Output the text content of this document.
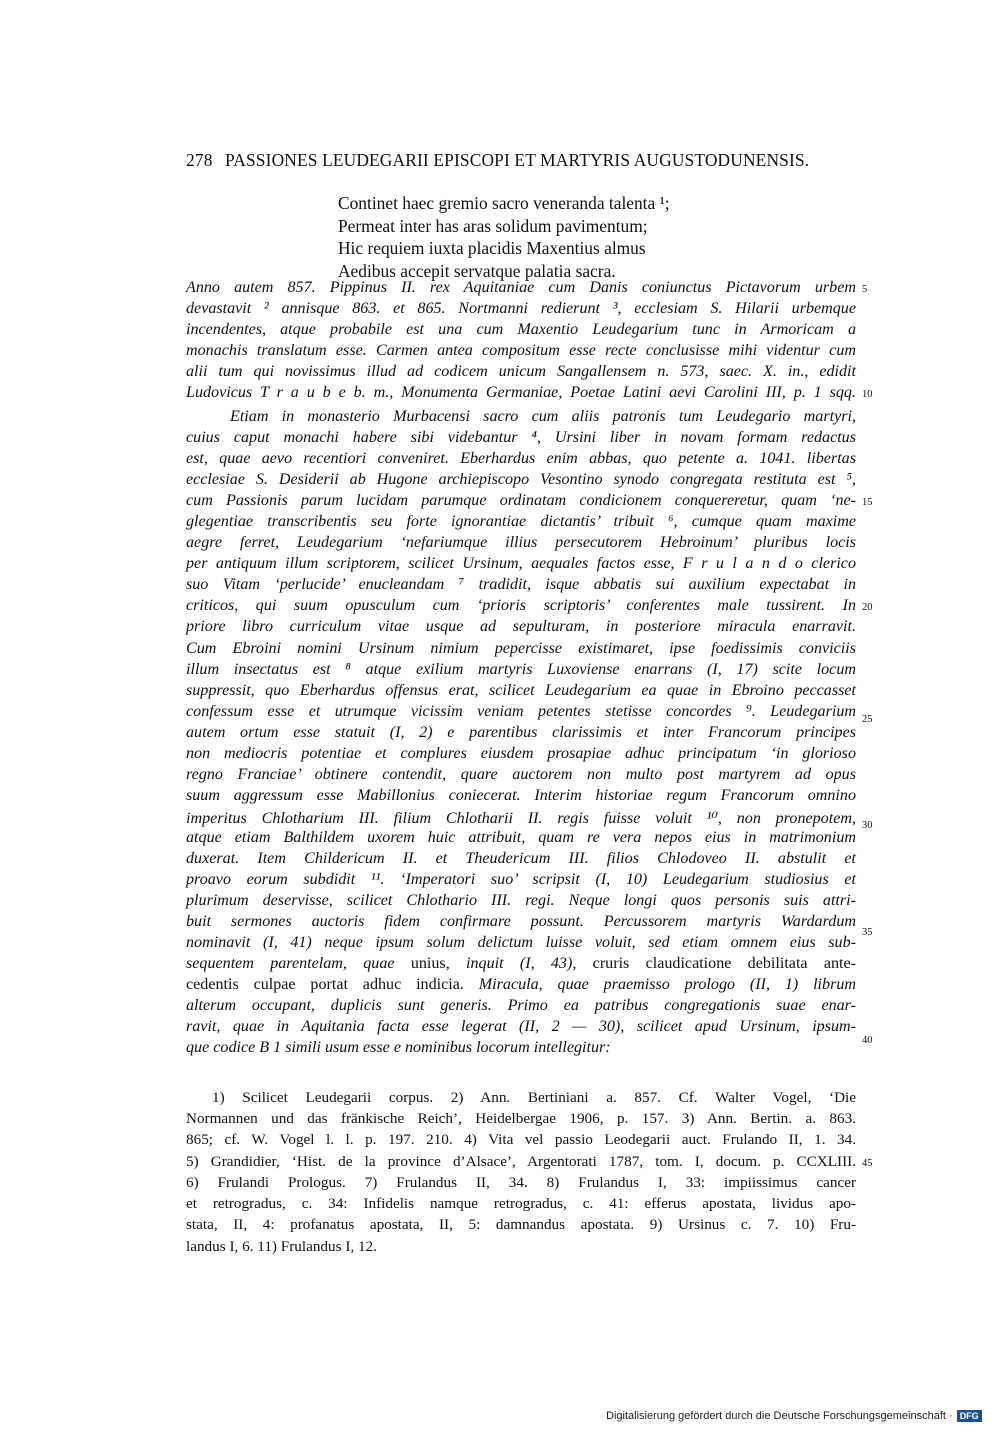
278 PASSIONES LEUDEGARII EPISCOPI ET MARTYRIS AUGUSTODUNENSIS.
Continet haec gremio sacro veneranda talenta ¹;
Permeat inter has aras solidum pavimentum;
Hic requiem iuxta placidis Maxentius almus
Aedibus accepit servatque palatia sacra.
Anno autem 857. Pippinus II. rex Aquitaniae cum Danis coniunctus Pictavorum urbem
devastavit ² annisque 863. et 865. Nortmanni redierunt ³, ecclesiam S. Hilarii urbemque
incendentes, atque probabile est una cum Maxentio Leudegarium tunc in Armoricam a
monachis translatum esse. Carmen antea compositum esse recte conclusisse mihi videntur cum
alii tum qui novissimus illud ad codicem unicum Sangallensem n. 573, saec. X. in., edidit
Ludovicus T r a u b e b. m., Monumenta Germaniae, Poetae Latini aevi Carolini III, p. 1 sqq.
Etiam in monasterio Murbacensi sacro cum aliis patronis tum Leudegario martyri,
cuius caput monachi habere sibi videbantur ⁴, Ursini liber in novam formam redactus
est, quae aevo recentiori conveniret. Eberhardus enim abbas, quo petente a. 1041. libertas
ecclesiae S. Desiderii ab Hugone archiepiscopo Vesontino synodo congregata restituta est ⁵,
cum Passionis parum lucidam parumque ordinatam condicionem conquereretur, quam ‘ne-
glegentiae transcribentis seu forte ignorantiae dictantis’ tribuit ⁶, cumque quam maxime
aegre ferret, Leudegarium ‘nefariumque illius persecutorem Hebroinum’ pluribus locis
per antiquum illum scriptorem, scilicet Ursinum, aequales factos esse, F r u l a n d o clerico
suo Vitam ‘perlucide’ enucleandam ⁷ tradidit, isque abbatis sui auxilium expectabat in
criticos, qui suum opusculum cum ‘prioris scriptoris’ conferentes male tussirent. In
priore libro curriculum vitae usque ad sepulturam, in posteriore miracula enarravit.
Cum Ebroini nomini Ursinum nimium pepercisse existimaret, ipse foedissimis conviciis
illum insectatus est ⁸ atque exilium martyris Luxoviense enarrans (I, 17) scite locum
suppressit, quo Eberhardus offensus erat, scilicet Leudegarium ea quae in Ebroino peccasset
confessum esse et utrumque vicissim veniam petentes stetisse concordes ⁹. Leudegarium
autem ortum esse statuit (I, 2) e parentibus clarissimis et inter Francorum principes
non mediocris potentiae et complures eiusdem prosapiae adhuc principatum ‘in glorioso
regno Franciae’ obtinere contendit, quare auctorem non multo post martyrem ad opus
suum aggressum esse Mabillonius coniecerat. Interim historiae regum Francorum omnino
imperitus Chlotharium III. filium Chlotharii II. regis fuisse voluit ¹⁰, non pronepotem,
atque etiam Balthildem uxorem huic attribuit, quam re vera nepos eius in matrimonium
duxerat. Item Childericum II. et Theudericum III. filios Chlodoveo II. abstulit et
proavo eorum subdidit ¹¹. ‘Imperatori suo’ scripsit (I, 10) Leudegarium studiosius et
plurimum deservisse, scilicet Chlothario III. regi. Neque longi quos personis suis attri-
buit sermones auctoris fidem confirmare possunt. Percussorem martyris Wardardum
nominavit (I, 41) neque ipsum solum delictum luisse voluit, sed etiam omnem eius sub-
sequentem parentelam, quae unius, inquit (I, 43), cruris claudicatione debilitata ante-
cedentis culpae portat adhuc indicia. Miracula, quae praemisso prologo (II, 1) librum
alterum occupant, duplicis sunt generis. Primo ea patribus congregationis suae enar-
ravit, quae in Aquitania facta esse legerat (II, 2 — 30), scilicet apud Ursinum, ipsum-
que codice B 1 simili usum esse e nominibus locorum intellegitur:
5
10
15
20
25
30
35
40
45
1) Scilicet Leudegarii corpus. 2) Ann. Bertiniani a. 857. Cf. Walter Vogel, ‘Die
Normannen und das fränkische Reich’, Heidelbergae 1906, p. 157. 3) Ann. Bertin. a. 863.
865; cf. W. Vogel l. l. p. 197. 210. 4) Vita vel passio Leodegarii auct. Frulando II, 1. 34.
5) Grandidier, ‘Hist. de la province d’Alsace’, Argentorati 1787, tom. I, docum. p. CCXLIII.
6) Frulandi Prologus. 7) Frulandus II, 34. 8) Frulandus I, 33: impiissimus cancer
et retrogradus, c. 34: Infidelis namque retrogradus, c. 41: efferus apostata, lividus apo-
stata, II, 4: profanatus apostata, II, 5: damnandus apostata. 9) Ursinus c. 7. 10) Fru-
landus I, 6. 11) Frulandus I, 12.
Digitalisierung gefördert durch die Deutsche Forschungsgemeinschaft · DFG
